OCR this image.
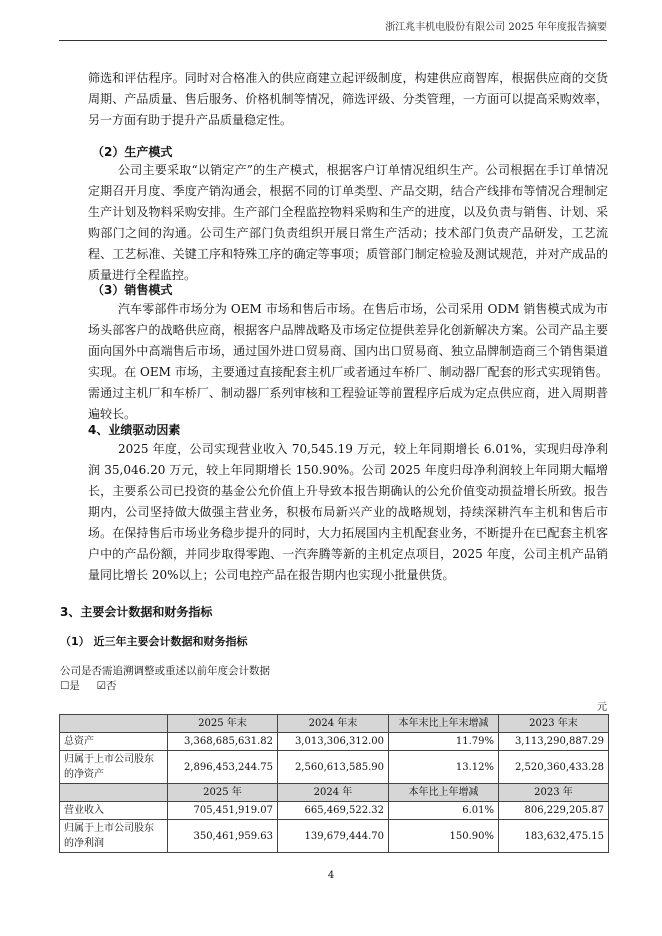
浙江兆丰机电股份有限公司 2025 年年度报告摘要

筛选和评估程序。同时对合格准入的供应商建立起评级制度，构建供应商智库，根据供应商的交货周期、产品质量、售后服务、价格机制等情况，筛选评级、分类管理，一方面可以提高采购效率，另一方面有助于提升产品质量稳定性。

（2）生产模式

公司主要采取“以销定产”的生产模式，根据客户订单情况组织生产。公司根据在手订单情况定期召开月度、季度产销沟通会，根据不同的订单类型、产品交期，结合产线排布等情况合理制定生产计划及物料采购安排。生产部门全程监控物料采购和生产的进度，以及负责与销售、计划、采购部门之间的沟通。公司生产部门负责组织开展日常生产活动；技术部门负责产品研发，工艺流程、工艺标准、关键工序和特殊工序的确定等事项；质管部门制定检验及测试规范，并对产成品的质量进行全程监控。

（3）销售模式

汽车零部件市场分为 OEM 市场和售后市场。在售后市场，公司采用 ODM 销售模式成为市场头部客户的战略供应商，根据客户品牌战略及市场定位提供差异化创新解决方案。公司产品主要面向国外中高端售后市场，通过国外进口贸易商、国内出口贸易商、独立品牌制造商三个销售渠道实现。在 OEM 市场，主要通过直接配套主机厂或者通过车桥厂、制动器厂配套的形式实现销售。需通过主机厂和车桥厂、制动器厂系列审核和工程验证等前置程序后成为定点供应商，进入周期普遍较长。

4、业绩驱动因素

2025 年度，公司实现营业收入 70,545.19 万元，较上年同期增长 6.01%，实现归母净利润 35,046.20 万元，较上年同期增长 150.90%。公司 2025 年度归母净利润较上年同期大幅增长，主要系公司已投资的基金公允价值上升导致本报告期确认的公允价值变动损益增长所致。报告期内，公司坚持做大做强主营业务，积极布局新兴产业的战略规划，持续深耕汽车主机和售后市场。在保持售后市场业务稳步提升的同时，大力拓展国内主机配套业务，不断提升在已配套主机客户中的产品份额，并同步取得零跑、一汽奔腾等新的主机定点项目，2025 年度，公司主机产品销量同比增长 20%以上；公司电控产品在报告期内也实现小批量供货。

3、主要会计数据和财务指标
（1） 近三年主要会计数据和财务指标
公司是否需追溯调整或重述以前年度会计数据
☐是 ☑否
元
	2025 年末	2024 年末	本年末比上年末增减	2023 年末
总资产	3,368,685,631.82	3,013,306,312.00	11.79%	3,113,290,887.29
归属于上市公司股东的净资产	2,896,453,244.75	2,560,613,585.90	13.12%	2,520,360,433.28
	2025 年	2024 年	本年比上年增减	2023 年
营业收入	705,451,919.07	665,469,522.32	6.01%	806,229,205.87
归属于上市公司股东的净利润	350,461,959.63	139,679,444.70	150.90%	183,632,475.15
4
